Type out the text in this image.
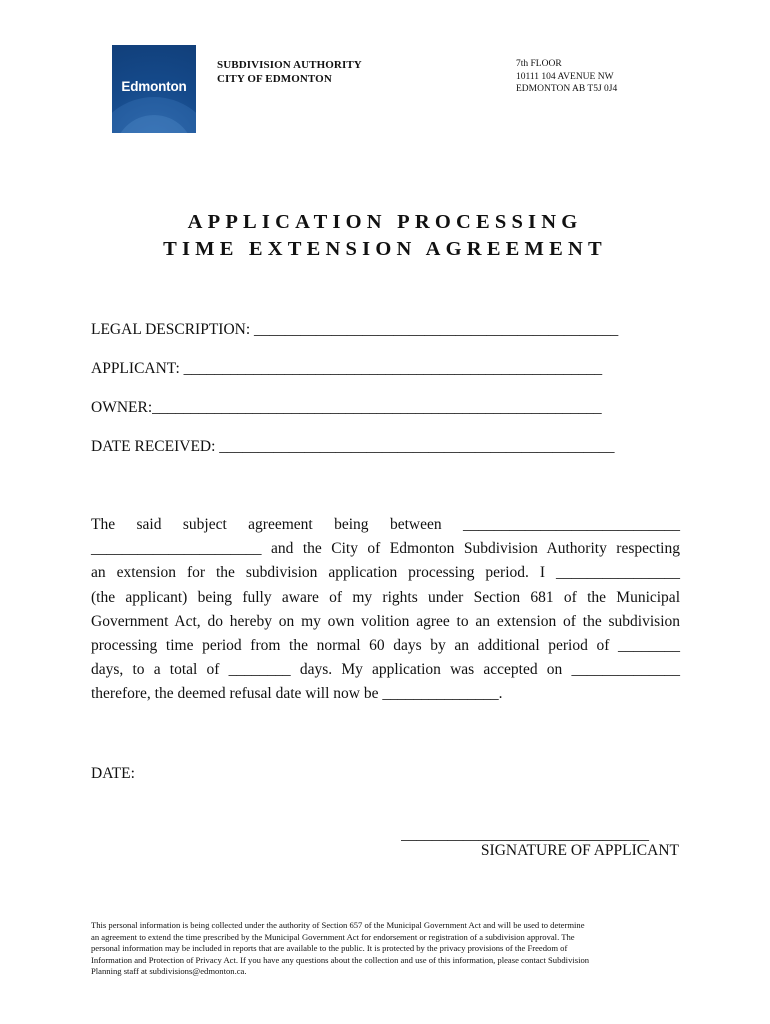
Edmonton
SUBDIVISION AUTHORITY
CITY OF EDMONTON
7th FLOOR
10111 104 AVENUE NW
EDMONTON AB T5J 0J4
APPLICATION PROCESSING
TIME EXTENSION AGREEMENT
LEGAL DESCRIPTION: _______________________________________________
APPLICANT: ______________________________________________________
OWNER:__________________________________________________________
DATE RECEIVED: ___________________________________________________
The said subject agreement being between ____________________________
______________________ and the City of Edmonton Subdivision Authority respecting
an extension for the subdivision application processing period. I ________________
(the applicant) being fully aware of my rights under Section 681 of the Municipal
Government Act, do hereby on my own volition agree to an extension of the subdivision
processing time period from the normal 60 days by an additional period of ________
days, to a total of ________ days. My application was accepted on ______________
therefore, the deemed refusal date will now be _______________.
DATE:
________________________________
SIGNATURE OF APPLICANT
This personal information is being collected under the authority of Section 657 of the Municipal Government Act and will be used to determine
an agreement to extend the time prescribed by the Municipal Government Act for endorsement or registration of a subdivision approval. The
personal information may be included in reports that are available to the public. It is protected by the privacy provisions of the Freedom of
Information and Protection of Privacy Act. If you have any questions about the collection and use of this information, please contact Subdivision
Planning staff at subdivisions@edmonton.ca.
